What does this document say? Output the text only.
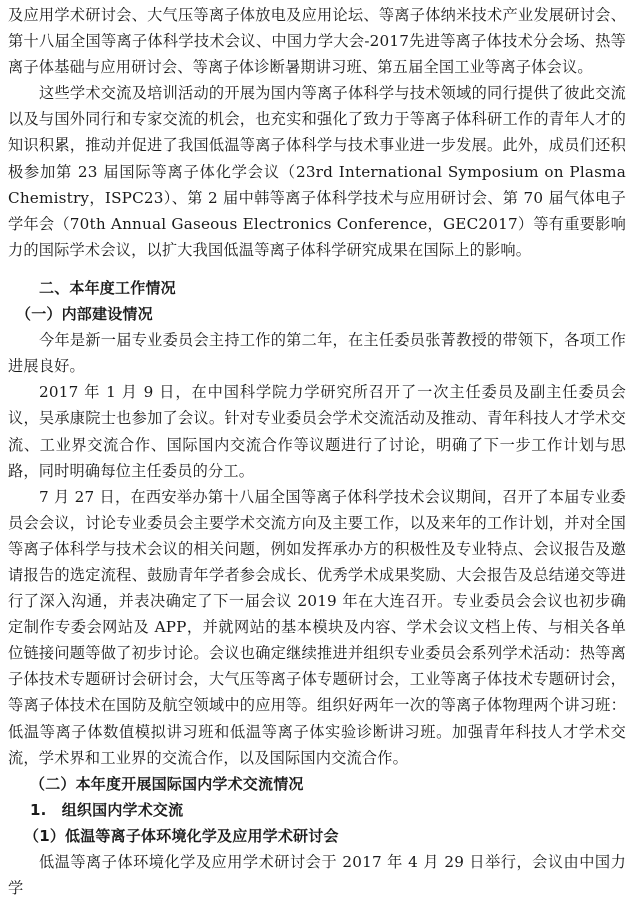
及应用学术研讨会、大气压等离子体放电及应用论坛、等离子体纳米技术产业发展研讨会、第十八届全国等离子体科学技术会议、中国力学大会-2017先进等离子体技术分会场、热等离子体基础与应用研讨会、等离子体诊断暑期讲习班、第五届全国工业等离子体会议。

这些学术交流及培训活动的开展为国内等离子体科学与技术领域的同行提供了彼此交流以及与国外同行和专家交流的机会，也充实和强化了致力于等离子体科研工作的青年人才的知识积累，推动并促进了我国低温等离子体科学与技术事业进一步发展。此外，成员们还积极参加第 23 届国际等离子体化学会议（23rd International Symposium on Plasma Chemistry，ISPC23）、第 2 届中韩等离子体科学技术与应用研讨会、第 70 届气体电子学年会（70th Annual Gaseous Electronics Conference，GEC2017）等有重要影响力的国际学术会议，以扩大我国低温等离子体科学研究成果在国际上的影响。

二、本年度工作情况

（一）内部建设情况

今年是新一届专业委员会主持工作的第二年，在主任委员张菁教授的带领下，各项工作进展良好。

2017 年 1 月 9 日，在中国科学院力学研究所召开了一次主任委员及副主任委员会议，吴承康院士也参加了会议。针对专业委员会学术交流活动及推动、青年科技人才学术交流、工业界交流合作、国际国内交流合作等议题进行了讨论，明确了下一步工作计划与思路，同时明确每位主任委员的分工。

7 月 27 日，在西安举办第十八届全国等离子体科学技术会议期间，召开了本届专业委员会会议，讨论专业委员会主要学术交流方向及主要工作，以及来年的工作计划，并对全国等离子体科学与技术会议的相关问题，例如发挥承办方的积极性及专业特点、会议报告及邀请报告的选定流程、鼓励青年学者参会成长、优秀学术成果奖励、大会报告及总结递交等进行了深入沟通，并表决确定了下一届会议 2019 年在大连召开。专业委员会会议也初步确定制作专委会网站及 APP，并就网站的基本模块及内容、学术会议文档上传、与相关各单位链接问题等做了初步讨论。会议也确定继续推进并组织专业委员会系列学术活动：热等离子体技术专题研讨会研讨会，大气压等离子体专题研讨会，工业等离子体技术专题研讨会，等离子体技术在国防及航空领域中的应用等。组织好两年一次的等离子体物理两个讲习班：低温等离子体数值模拟讲习班和低温等离子体实验诊断讲习班。加强青年科技人才学术交流，学术界和工业界的交流合作，以及国际国内交流合作。

（二）本年度开展国际国内学术交流情况

1.　组织国内学术交流

（1）低温等离子体环境化学及应用学术研讨会

低温等离子体环境化学及应用学术研讨会于 2017 年 4 月 29 日举行，会议由中国力学
